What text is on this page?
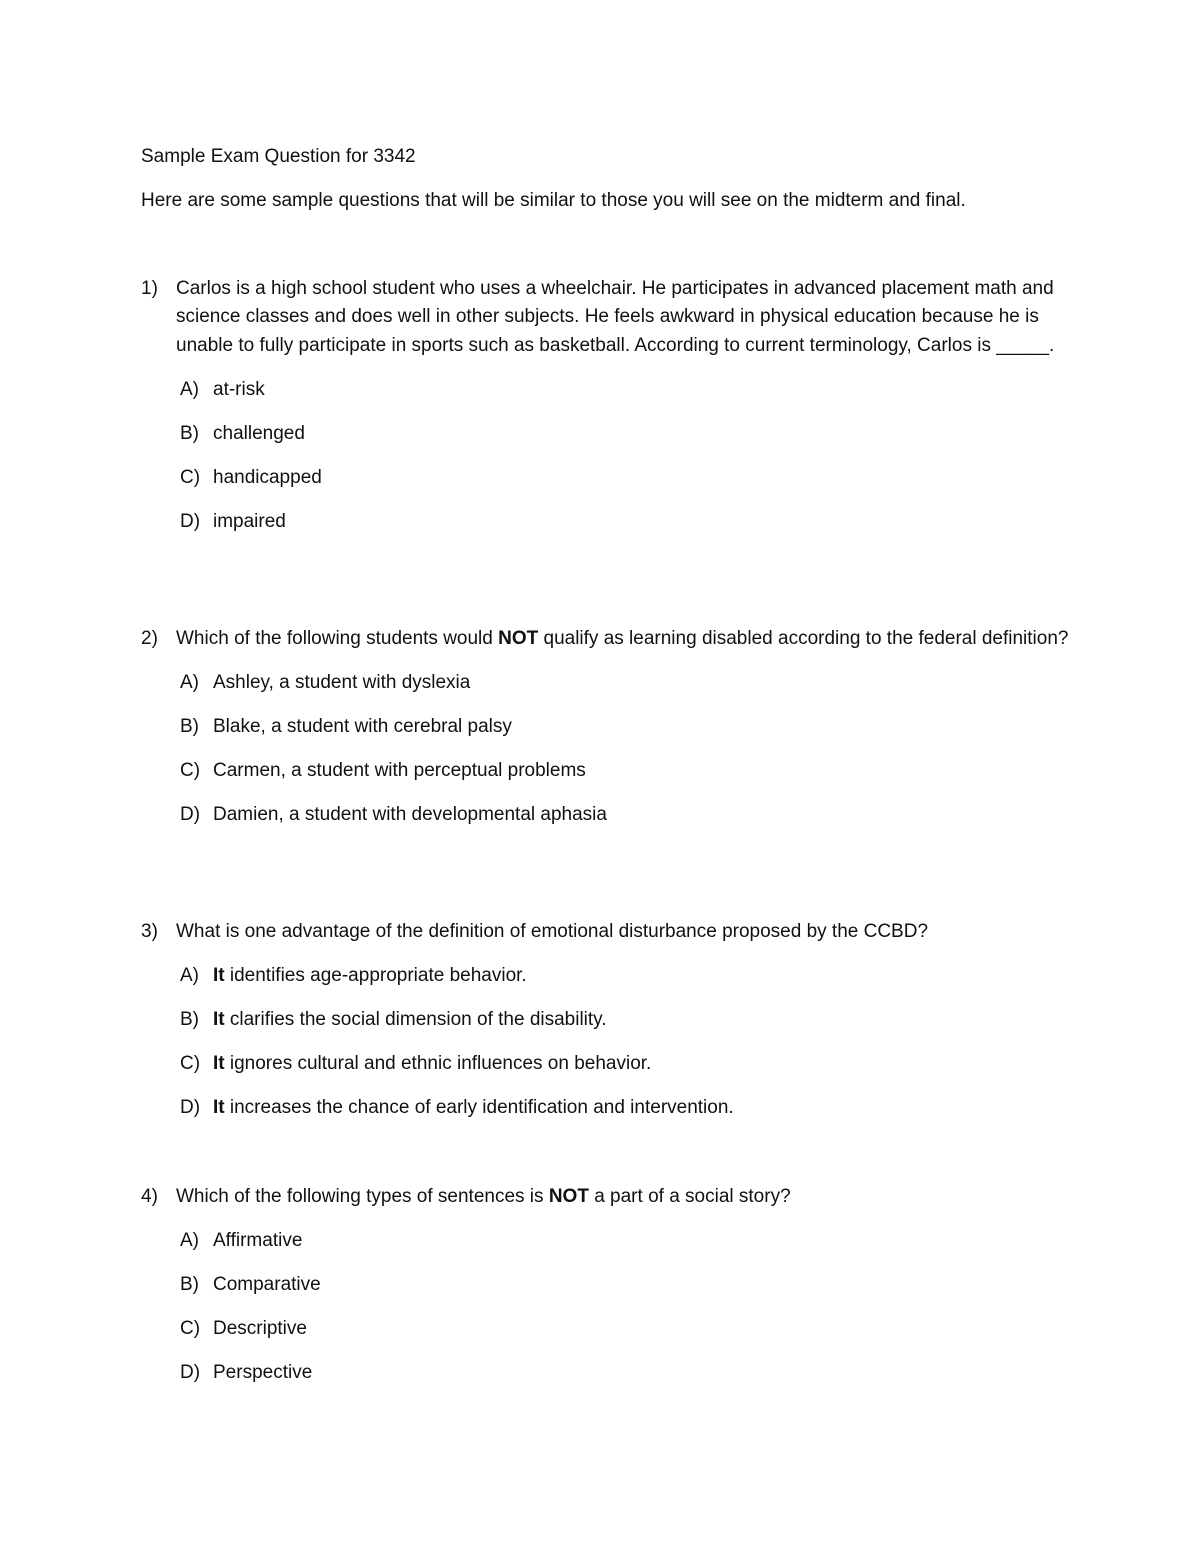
Sample Exam Question for 3342

Here are some sample questions that will be similar to those you will see on the midterm and final.

1) Carlos is a high school student who uses a wheelchair. He participates in advanced placement math and science classes and does well in other subjects. He feels awkward in physical education because he is unable to fully participate in sports such as basketball. According to current terminology, Carlos is _____.
A) at-risk
B) challenged
C) handicapped
D) impaired
2) Which of the following students would NOT qualify as learning disabled according to the federal definition?
A) Ashley, a student with dyslexia
B) Blake, a student with cerebral palsy
C) Carmen, a student with perceptual problems
D) Damien, a student with developmental aphasia
3) What is one advantage of the definition of emotional disturbance proposed by the CCBD?
A) It identifies age-appropriate behavior.
B) It clarifies the social dimension of the disability.
C) It ignores cultural and ethnic influences on behavior.
D) It increases the chance of early identification and intervention.
4) Which of the following types of sentences is NOT a part of a social story?
A) Affirmative
B) Comparative
C) Descriptive
D) Perspective
